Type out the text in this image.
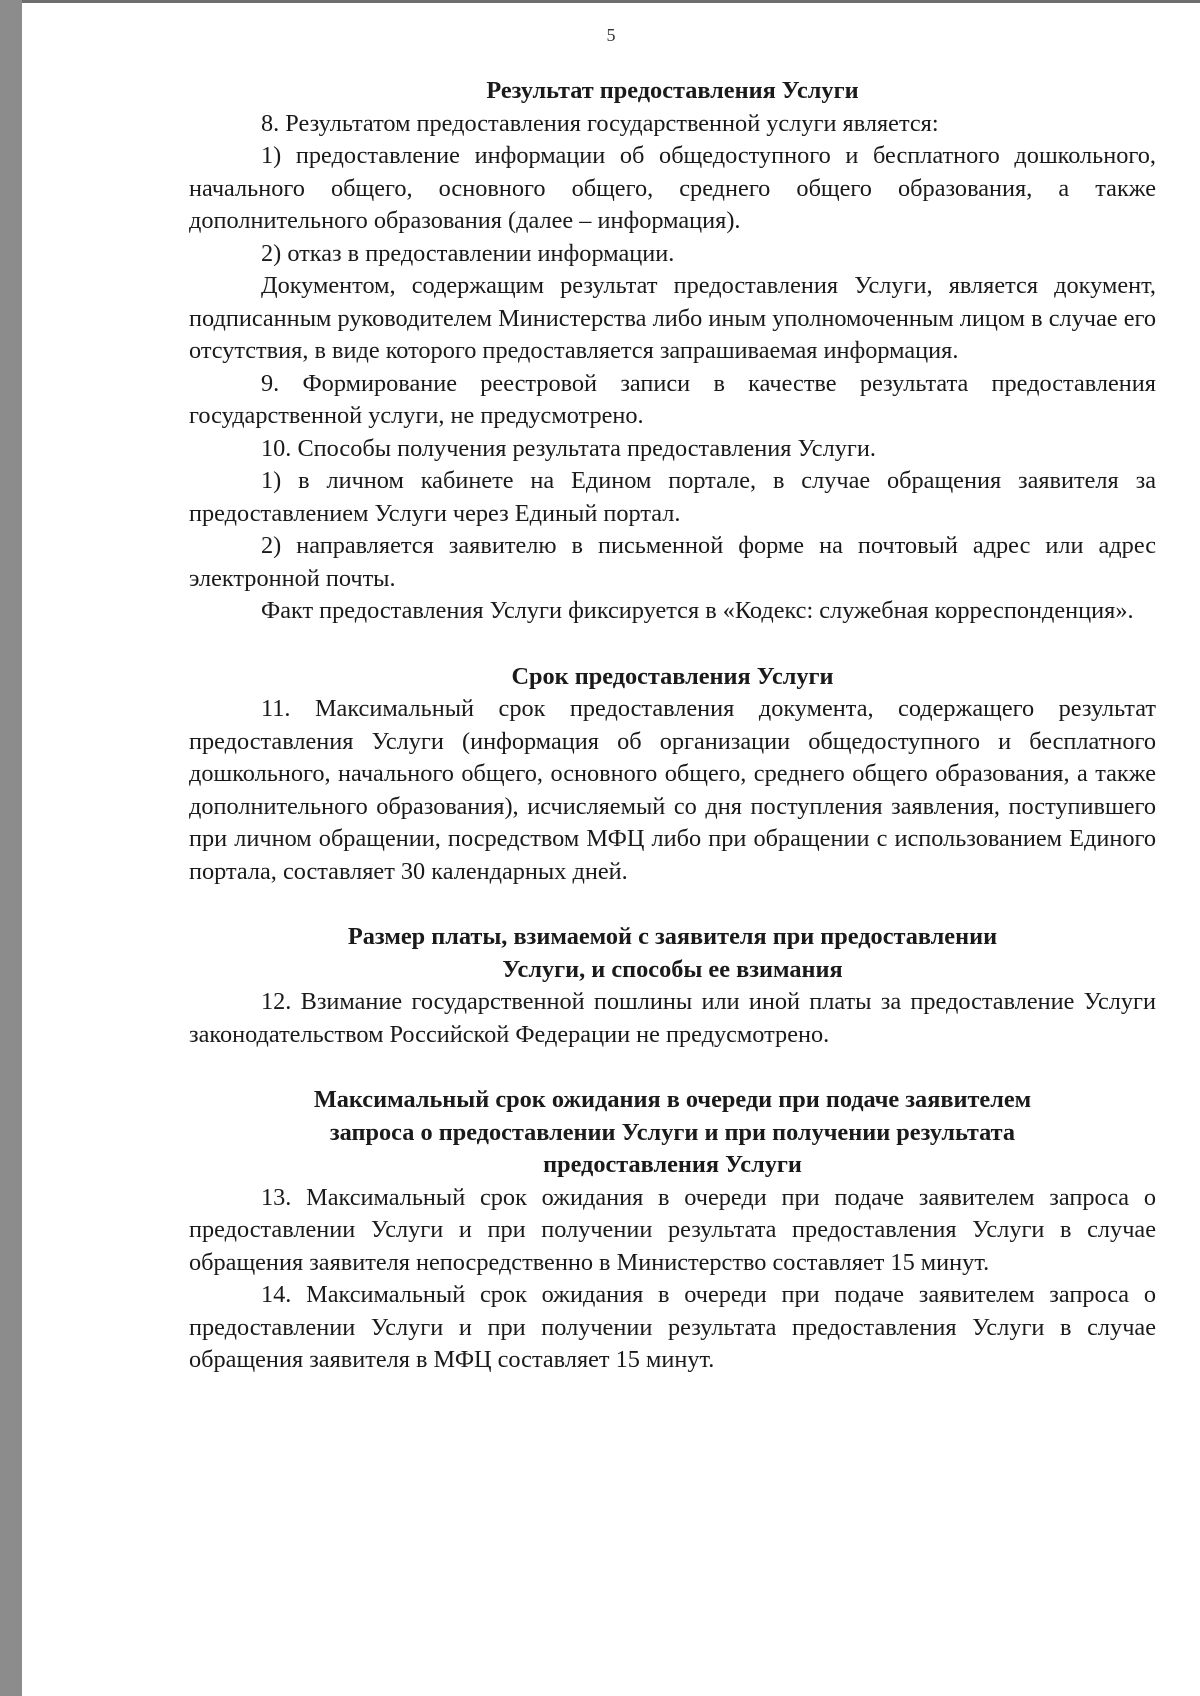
5

Результат предоставления Услуги

8. Результатом предоставления государственной услуги является:

1) предоставление информации об общедоступного и бесплатного дошкольного, начального общего, основного общего, среднего общего образования, а также дополнительного образования (далее – информация).

2) отказ в предоставлении информации.

Документом, содержащим результат предоставления Услуги, является документ, подписанным руководителем Министерства либо иным уполномоченным лицом в случае его отсутствия, в виде которого предоставляется запрашиваемая информация.

9. Формирование реестровой записи в качестве результата предоставления государственной услуги, не предусмотрено.

10. Способы получения результата предоставления Услуги.

1) в личном кабинете на Едином портале, в случае обращения заявителя за предоставлением Услуги через Единый портал.

2) направляется заявителю в письменной форме на почтовый адрес или адрес электронной почты.

Факт предоставления Услуги фиксируется в «Кодекс: служебная корреспонденция».

Срок предоставления Услуги

11. Максимальный срок предоставления документа, содержащего результат предоставления Услуги (информация об организации общедоступного и бесплатного дошкольного, начального общего, основного общего, среднего общего образования, а также дополнительного образования), исчисляемый со дня поступления заявления, поступившего при личном обращении, посредством МФЦ либо при обращении с использованием Единого портала, составляет 30 календарных дней.

Размер платы, взимаемой с заявителя при предоставлении

Услуги, и способы ее взимания

12. Взимание государственной пошлины или иной платы за предоставление Услуги законодательством Российской Федерации не предусмотрено.

Максимальный срок ожидания в очереди при подаче заявителем

запроса о предоставлении Услуги и при получении результата

предоставления Услуги

13. Максимальный срок ожидания в очереди при подаче заявителем запроса о предоставлении Услуги и при получении результата предоставления Услуги в случае обращения заявителя непосредственно в Министерство составляет 15 минут.

14. Максимальный срок ожидания в очереди при подаче заявителем запроса о предоставлении Услуги и при получении результата предоставления Услуги в случае обращения заявителя в МФЦ составляет 15 минут.
